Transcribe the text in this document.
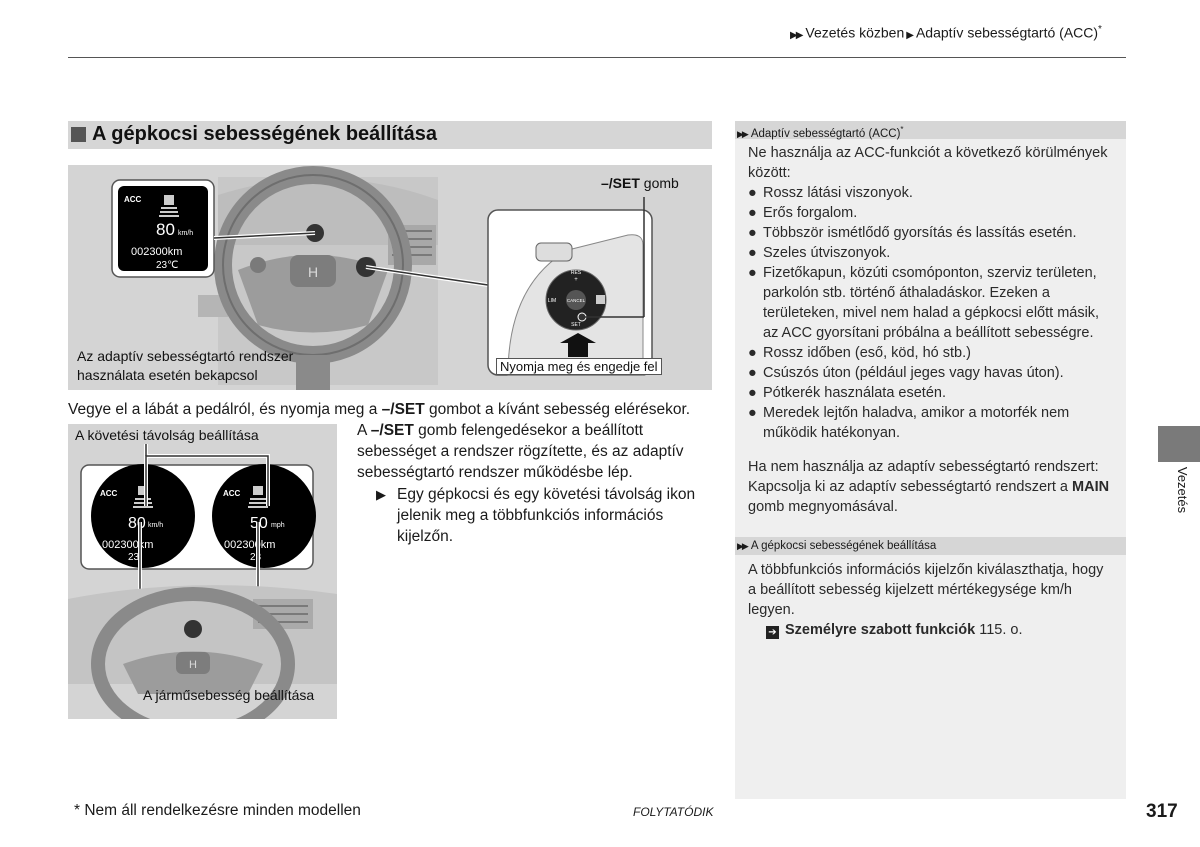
▶▶ Vezetés közben ▶ Adaptív sebességtartó (ACC)*
A gépkocsi sebességének beállítása
H
ACC
80 km/h
002300km
23℃
RES
+
LIM CANCEL
SET
–/SET gomb
Az adaptív sebességtartó rendszer
használata esetén bekapcsol
Nyomja meg és engedje fel
Vegye el a lábát a pedálról, és nyomja meg a –/SET gombot a kívánt sebesség elérésekor.
ACC
80 km/h
002300km
23
ACC
50 mph
002300km
23
H
A követési távolság beállítása
A járműsebesség beállítása
A –/SET gomb felengedésekor a beállított sebességet a rendszer rögzítette, és az adaptív sebességtartó rendszer működésbe lép.
▶ Egy gépkocsi és egy követési távolság ikon jelenik meg a többfunkciós információs kijelzőn.
▶▶ Adaptív sebességtartó (ACC)*
Ne használja az ACC-funkciót a következő körülmények között:
● Rossz látási viszonyok.
● Erős forgalom.
● Többször ismétlődő gyorsítás és lassítás esetén.
● Szeles útviszonyok.
● Fizetőkapun, közúti csomóponton, szerviz területen, parkolón stb. történő áthaladáskor. Ezeken a területeken, mivel nem halad a gépkocsi előtt másik, az ACC gyorsítani próbálna a beállított sebességre.
● Rossz időben (eső, köd, hó stb.)
● Csúszós úton (például jeges vagy havas úton).
● Pótkerék használata esetén.
● Meredek lejtőn haladva, amikor a motorfék nem működik hatékonyan.
Ha nem használja az adaptív sebességtartó rendszert: Kapcsolja ki az adaptív sebességtartó rendszert a MAIN gomb megnyomásával.
▶▶ A gépkocsi sebességének beállítása
A többfunkciós információs kijelzőn kiválaszthatja, hogy a beállított sebesség kijelzett mértékegysége km/h legyen.
➔ Személyre szabott funkciók 115. o.
Vezetés
* Nem áll rendelkezésre minden modellen	FOLYTATÓDIK	317
